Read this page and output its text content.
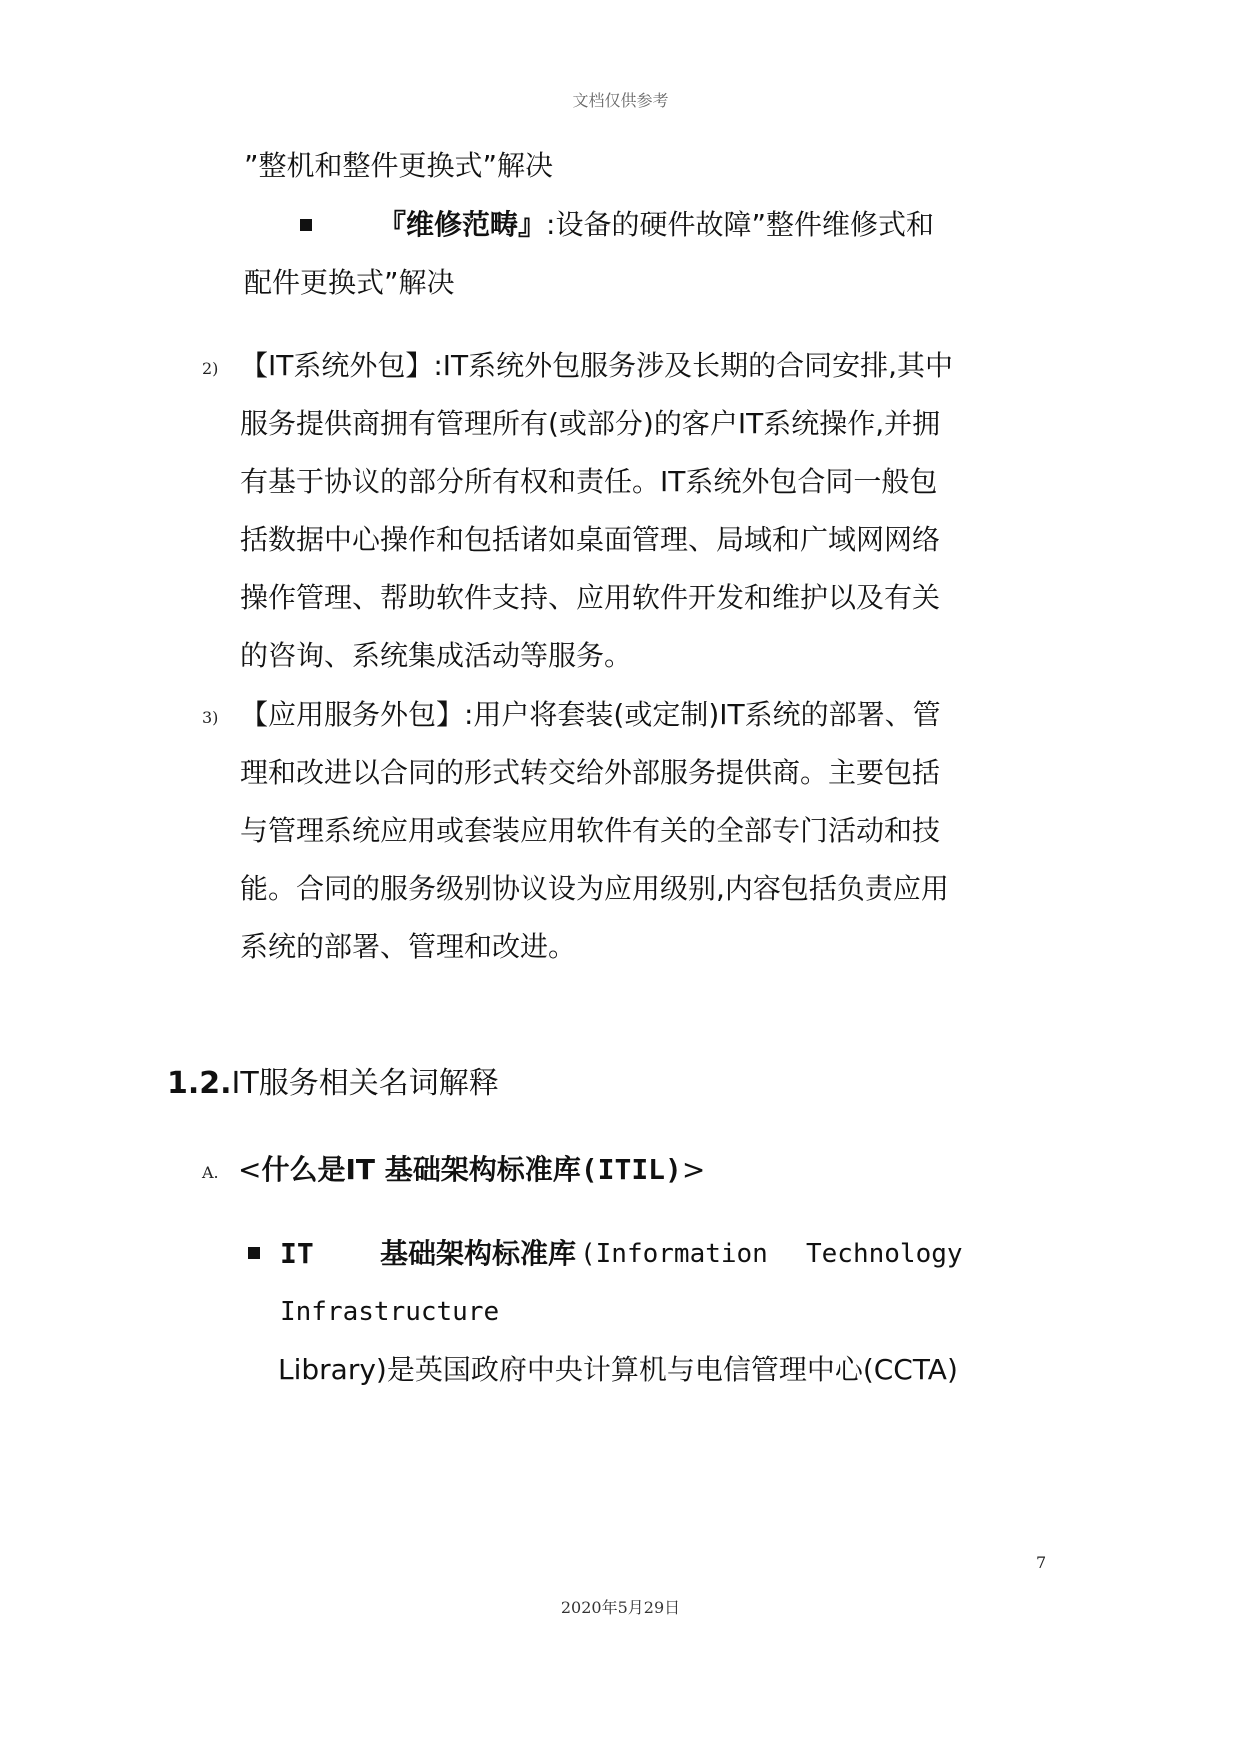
文档仅供参考
”整机和整件更换式”解决
『维修范畴』:设备的硬件故障”整件维修式和
配件更换式”解决
2) 【IT系统外包】:IT系统外包服务涉及长期的合同安排,其中
服务提供商拥有管理所有(或部分)的客户IT系统操作,并拥
有基于协议的部分所有权和责任。IT系统外包合同一般包
括数据中心操作和包括诸如桌面管理、局域和广域网网络
操作管理、帮助软件支持、应用软件开发和维护以及有关
的咨询、系统集成活动等服务。
3) 【应用服务外包】:用户将套装(或定制)IT系统的部署、管
理和改进以合同的形式转交给外部服务提供商。主要包括
与管理系统应用或套装应用软件有关的全部专门活动和技
能。合同的服务级别协议设为应用级别,内容包括负责应用
系统的部署、管理和改进。
1.2.IT服务相关名词解释
A. <什么是IT 基础架构标准库(ITIL)>
IT 基础架构标准库 (Information Technology
Infrastructure
Library)是英国政府中央计算机与电信管理中心(CCTA)
7
2020年5月29日
